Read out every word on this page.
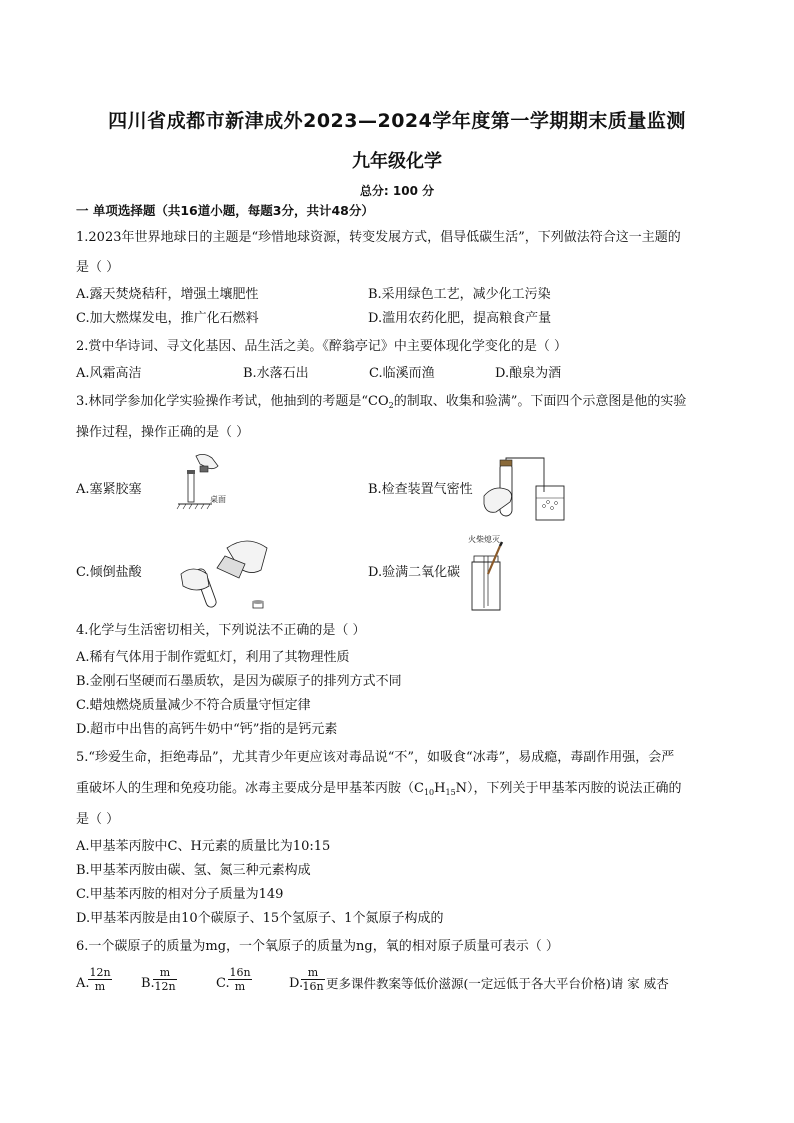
四川省成都市新津成外2023—2024学年度第一学期期末质量监测
九年级化学
总分: 100 分
一 单项选择题（共16道小题，每题3分，共计48分）
1.2023年世界地球日的主题是“珍惜地球资源，转变发展方式，倡导低碳生活”，下列做法符合这一主题的
是（ ）
A.露天焚烧秸秆，增强土壤肥性	B.采用绿色工艺，减少化工污染
C.加大燃煤发电，推广化石燃料	D.滥用农药化肥，提高粮食产量
2.赏中华诗词、寻文化基因、品生活之美。《醉翁亭记》中主要体现化学变化的是（ ）
A.风霜高洁	B.水落石出	C.临溪而渔	D.酿泉为酒
3.林同学参加化学实验操作考试，他抽到的考题是“$CO_2$的制取、收集和验满”。下面四个示意图是他的实验
操作过程，操作正确的是（ ）
A.塞紧胶塞	B.检查装置气密性
C.倾倒盐酸	D.验满二氧化碳
桌面
火柴熄灭
4.化学与生活密切相关，下列说法不正确的是（ ）
A.稀有气体用于制作霓虹灯，利用了其物理性质
B.金刚石坚硬而石墨质软，是因为碳原子的排列方式不同
C.蜡烛燃烧质量减少不符合质量守恒定律
D.超市中出售的高钙牛奶中“钙”指的是钙元素
5.“珍爱生命，拒绝毒品”，尤其青少年更应该对毒品说“不”，如吸食“冰毒”，易成瘾，毒副作用强，会严
重破坏人的生理和免疫功能。冰毒主要成分是甲基苯丙胺$(C_{10}H_{15}N)$，下列关于甲基苯丙胺的说法正确的
是（ ）
A.甲基苯丙胺中C、H元素的质量比为10:15
B.甲基苯丙胺由碳、氢、氮三种元素构成
C.甲基苯丙胺的相对分子质量为149
D.甲基苯丙胺是由10个碳原子、15个氢原子、1个氮原子构成的
6.一个碳原子的质量为mg，一个氧原子的质量为ng，氧的相对原子质量可表示（ ）
A.
$\frac{12n}{m} B$.
$\frac{m}{12n}$	C.
$\frac{16n}{m}$	D.
$\frac{m}{16n}$ 更多课件教案等低价滋源(一定远低于各大平台价格)请 家 威杏
